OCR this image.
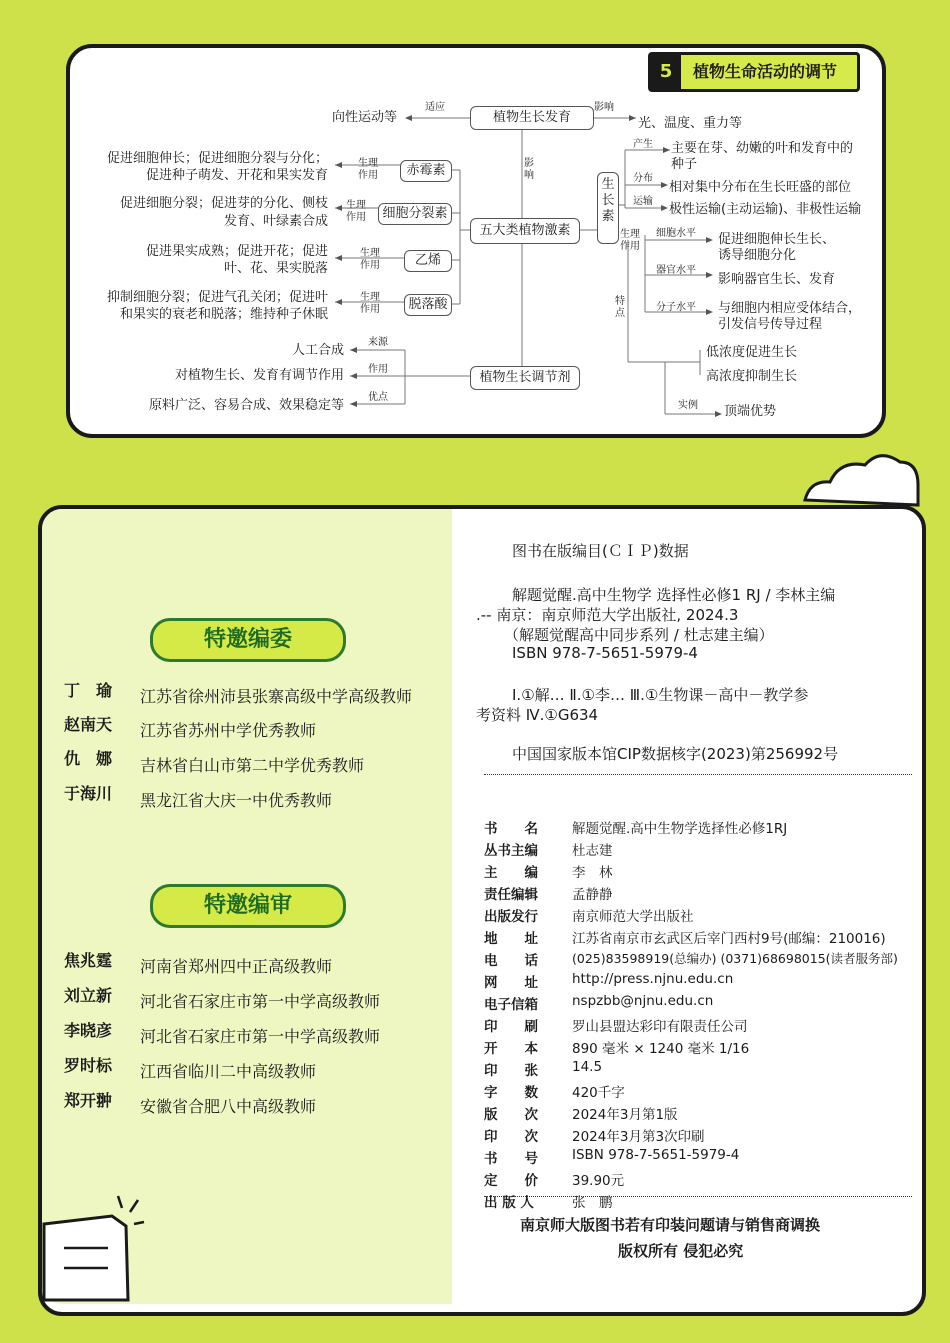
5 植物生命活动的调节
向性运动等
适应
植物生长发育
影响
光、温度、重力等
影响
五大类植物激素
促进细胞伸长；促进细胞分裂与分化；
促进种子萌发、开花和果实发育
生理作用	赤霉素
促进细胞分裂；促进芽的分化、侧枝
发育、叶绿素合成
生理作用	细胞分裂素
促进果实成熟；促进开花；促进
叶、花、果实脱落
生理作用	乙烯
抑制细胞分裂；促进气孔关闭；促进叶
和果实的衰老和脱落；维持种子休眠
生理作用	脱落酸
人工合成
来源
对植物生长、发育有调节作用 作用
原料广泛、容易合成、效果稳定等
优点
植物生长调节剂
生长素
产生 主要在芽、幼嫩的叶和发育中的
种子
分布
相对集中分布在生长旺盛的部位
运输
极性运输(主动运输)、非极性运输
生理作用
细胞水平 促进细胞伸长生长、
诱导细胞分化
器官水平
影响器官生长、发育
分子水平 与细胞内相应受体结合，
引发信号传导过程
特点
低浓度促进生长
高浓度抑制生长
实例 顶端优势
特邀编委
丁　瑜	江苏省徐州沛县张寨高级中学高级教师
赵南天	江苏省苏州中学优秀教师
仇　娜	吉林省白山市第二中学优秀教师
于海川	黑龙江省大庆一中优秀教师
特邀编审
焦兆霆	河南省郑州四中正高级教师
刘立新	河北省石家庄市第一中学高级教师
李晓彦	河北省石家庄市第一中学高级教师
罗时标	江西省临川二中高级教师
郑开翀	安徽省合肥八中高级教师
图书在版编目(ＣＩＰ)数据
解题觉醒.高中生物学 选择性必修1 RJ / 李林主编
.-- 南京：南京师范大学出版社, 2024.3
（解题觉醒高中同步系列 / 杜志建主编）
ISBN 978-7-5651-5979-4
Ⅰ.①解… Ⅱ.①李… Ⅲ.①生物课－高中－教学参
考资料 Ⅳ.①G634
中国国家版本馆CIP数据核字(2023)第256992号
书　　名	解题觉醒.高中生物学选择性必修1RJ
丛书主编	杜志建
主　　编	李　林
责任编辑	孟静静
出版发行	南京师范大学出版社
地　　址	江苏省南京市玄武区后宰门西村9号(邮编：210016)
电　　话	(025)83598919(总编办) (0371)68698015(读者服务部)
网　　址	http://press.njnu.edu.cn
电子信箱	nspzbb@njnu.edu.cn
印　　刷	罗山县盟达彩印有限责任公司
开　　本	890 毫米 × 1240 毫米 1/16
印　　张	14.5
字　　数	420千字
版　　次	2024年3月第1版
印　　次	2024年3月第3次印刷
书　　号	ISBN 978-7-5651-5979-4
定　　价	39.90元
出 版 人	张　鹏
南京师大版图书若有印装问题请与销售商调换
版权所有 侵犯必究
